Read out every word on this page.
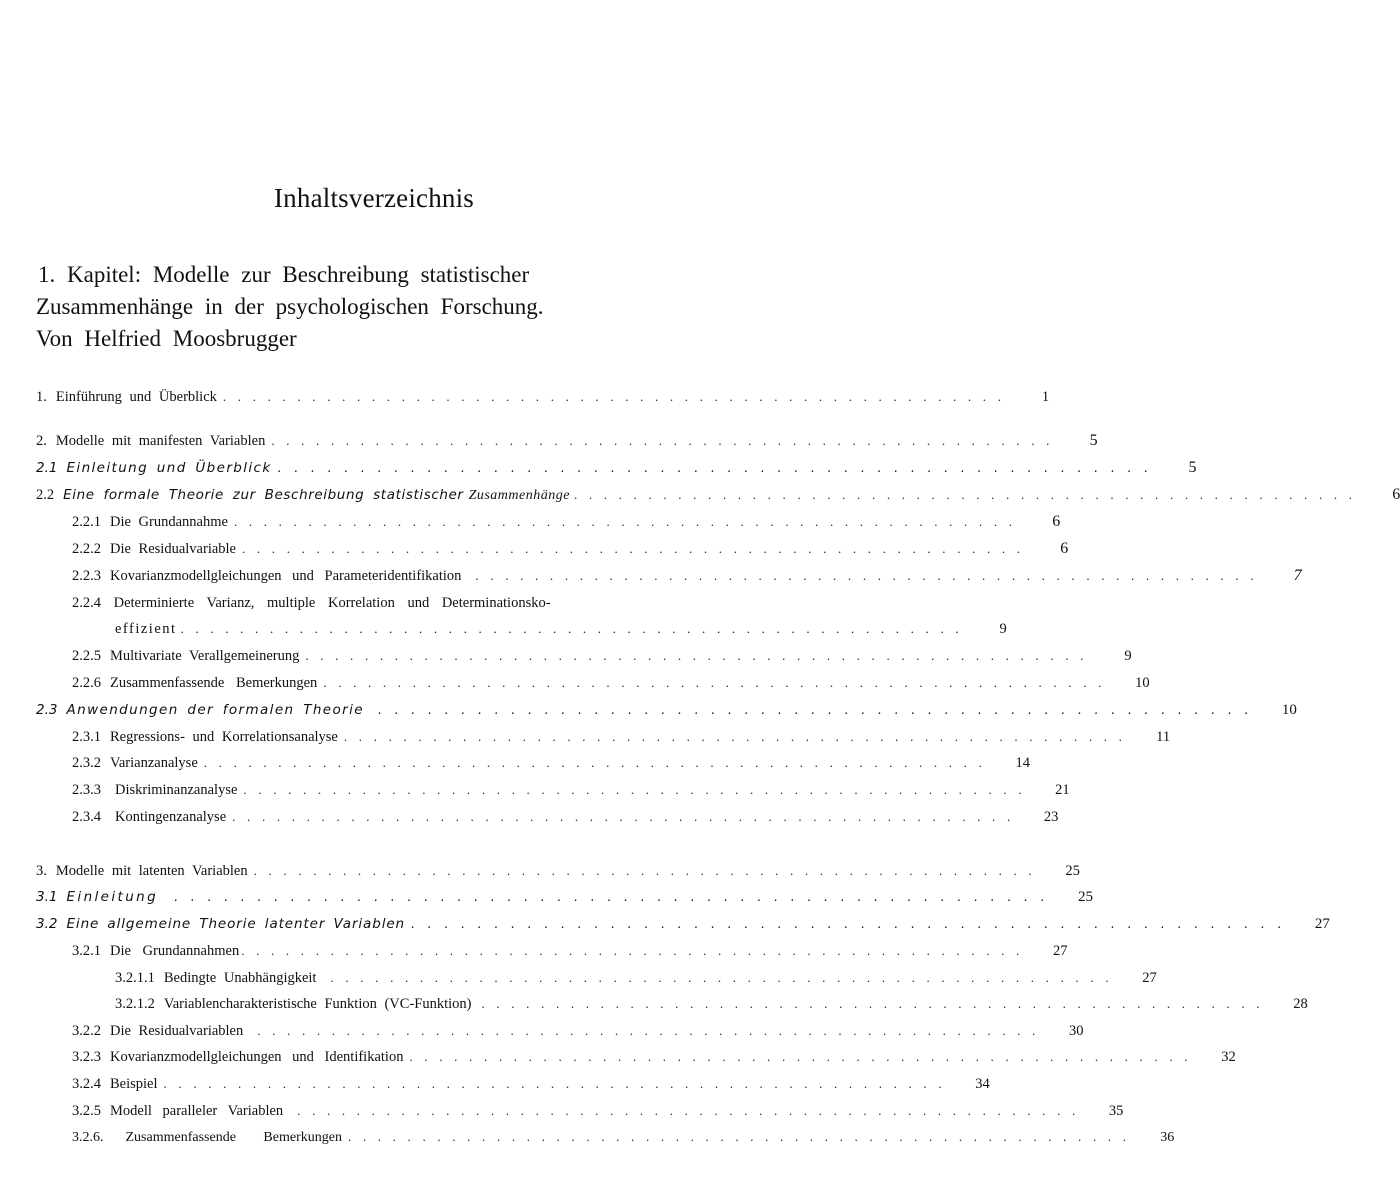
Inhaltsverzeichnis
1. Kapitel: Modelle zur Beschreibung statistischer
Zusammenhänge in der psychologischen Forschung.
Von Helfried Moosbrugger
1. Einführung und Überblick . . . . . . . . . . . . . . . . . . . . . . . . . . . . . . . . . . . . . . . . . . . . . . . . . . . . .	1
2. Modelle mit manifesten Variablen . . . . . . . . . . . . . . . . . . . . . . . . . . . . . . . . . . . . . . . . . . . . . . . . . . . . .	5
2.1 Einleitung und Überblick . . . . . . . . . . . . . . . . . . . . . . . . . . . . . . . . . . . . . . . . . . . . . . . . . . . . .	5
2.2 Eine formale Theorie zur Beschreibung statistischer Zusammenhänge . . . . . . . . . . . . . . . . . . . . . . . . . . . . . . . . . . . . . . . . . . . . . . . . . . . . .	6
2.2.1 Die Grundannahme . . . . . . . . . . . . . . . . . . . . . . . . . . . . . . . . . . . . . . . . . . . . . . . . . . . . .	6
2.2.2 Die Residualvariable . . . . . . . . . . . . . . . . . . . . . . . . . . . . . . . . . . . . . . . . . . . . . . . . . . . . .	6
2.2.3 Kovarianzmodellgleichungen und Parameteridentifikation . . . . . . . . . . . . . . . . . . . . . . . . . . . . . . . . . . . . . . . . . . . . . . . . . . . . .	7
2.2.4 Determinierte Varianz, multiple Korrelation und Determinationsko-
effizient . . . . . . . . . . . . . . . . . . . . . . . . . . . . . . . . . . . . . . . . . . . . . . . . . . . . .	9
2.2.5 Multivariate Verallgemeinerung . . . . . . . . . . . . . . . . . . . . . . . . . . . . . . . . . . . . . . . . . . . . . . . . . . . . .	9
2.2.6 Zusammenfassende Bemerkungen . . . . . . . . . . . . . . . . . . . . . . . . . . . . . . . . . . . . . . . . . . . . . . . . . . . . .	10
2.3 Anwendungen der formalen Theorie . . . . . . . . . . . . . . . . . . . . . . . . . . . . . . . . . . . . . . . . . . . . . . . . . . . . .	10
2.3.1 Regressions- und Korrelationsanalyse . . . . . . . . . . . . . . . . . . . . . . . . . . . . . . . . . . . . . . . . . . . . . . . . . . . . .	11
2.3.2 Varianzanalyse . . . . . . . . . . . . . . . . . . . . . . . . . . . . . . . . . . . . . . . . . . . . . . . . . . . . .	14
2.3.3 Diskriminanzanalyse . . . . . . . . . . . . . . . . . . . . . . . . . . . . . . . . . . . . . . . . . . . . . . . . . . . . .	21
2.3.4 Kontingenzanalyse . . . . . . . . . . . . . . . . . . . . . . . . . . . . . . . . . . . . . . . . . . . . . . . . . . . . .	23
3. Modelle mit latenten Variablen . . . . . . . . . . . . . . . . . . . . . . . . . . . . . . . . . . . . . . . . . . . . . . . . . . . . .	25
3.1 Einleitung . . . . . . . . . . . . . . . . . . . . . . . . . . . . . . . . . . . . . . . . . . . . . . . . . . . . .	25
3.2 Eine allgemeine Theorie latenter Variablen . . . . . . . . . . . . . . . . . . . . . . . . . . . . . . . . . . . . . . . . . . . . . . . . . . . . .	27
3.2.1 Die Grundannahmen . . . . . . . . . . . . . . . . . . . . . . . . . . . . . . . . . . . . . . . . . . . . . . . . . . . . .	27
3.2.1.1 Bedingte Unabhängigkeit . . . . . . . . . . . . . . . . . . . . . . . . . . . . . . . . . . . . . . . . . . . . . . . . . . . . .	27
3.2.1.2 Variablencharakteristische Funktion (VC-Funktion) . . . . . . . . . . . . . . . . . . . . . . . . . . . . . . . . . . . . . . . . . . . . . . . . . . . . .	28
3.2.2 Die Residualvariablen . . . . . . . . . . . . . . . . . . . . . . . . . . . . . . . . . . . . . . . . . . . . . . . . . . . . .	30
3.2.3 Kovarianzmodellgleichungen und Identifikation . . . . . . . . . . . . . . . . . . . . . . . . . . . . . . . . . . . . . . . . . . . . . . . . . . . . .	32
3.2.4 Beispiel . . . . . . . . . . . . . . . . . . . . . . . . . . . . . . . . . . . . . . . . . . . . . . . . . . . . .	34
3.2.5 Modell paralleler Variablen . . . . . . . . . . . . . . . . . . . . . . . . . . . . . . . . . . . . . . . . . . . . . . . . . . . . .	35
3.2.6. Zusammenfassende Bemerkungen . . . . . . . . . . . . . . . . . . . . . . . . . . . . . . . . . . . . . . . . . . . . . . . . . . . . .	36
